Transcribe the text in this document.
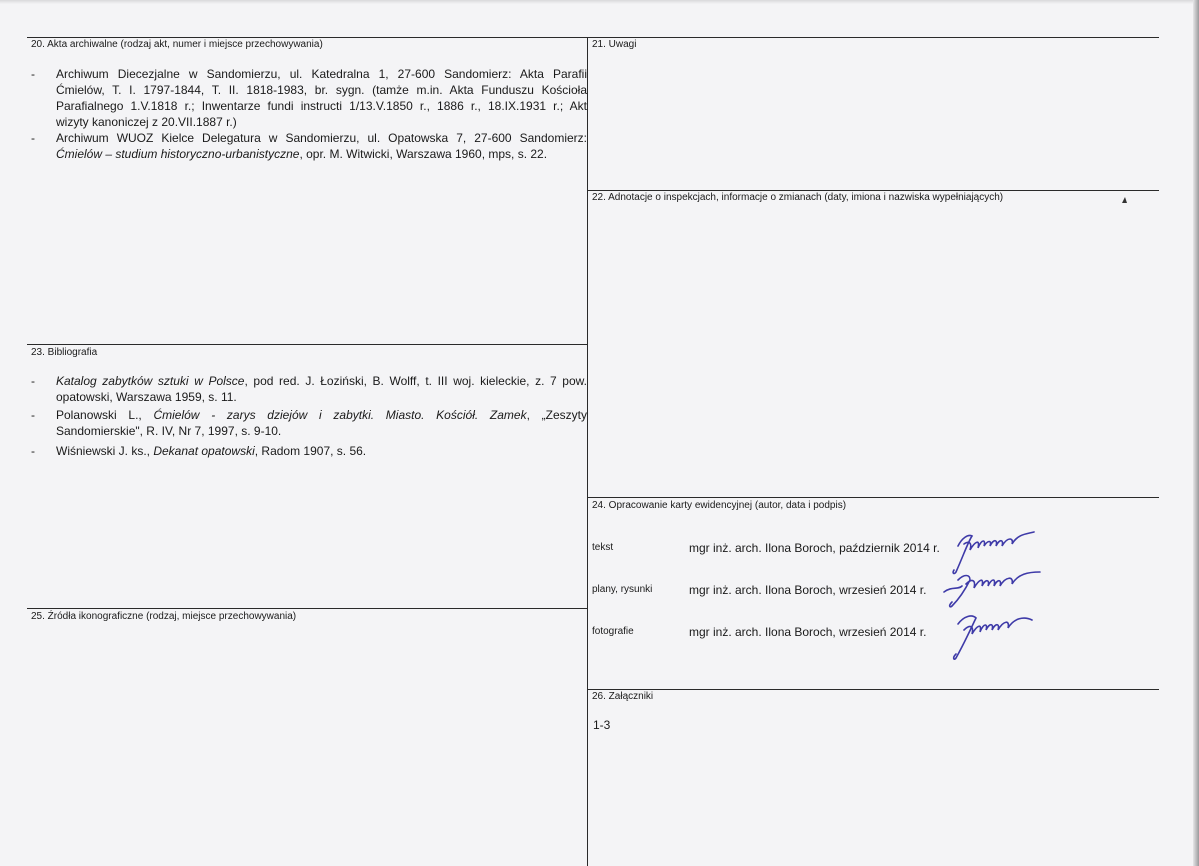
20. Akta archiwalne (rodzaj akt, numer i miejsce przechowywania)
- Archiwum Diecezjalne w Sandomierzu, ul. Katedralna 1, 27-600 Sandomierz: Akta Parafii
Ćmielów, T. I. 1797-1844, T. II. 1818-1983, br. sygn. (tamże m.in. Akta Funduszu Kościoła
Parafialnego 1.V.1818 r.; Inwentarze fundi instructi 1/13.V.1850 r., 1886 r., 18.IX.1931 r.; Akt
wizyty kanoniczej z 20.VII.1887 r.)
- Archiwum WUOZ Kielce Delegatura w Sandomierzu, ul. Opatowska 7, 27-600 Sandomierz:
Ćmielów – studium historyczno-urbanistyczne, opr. M. Witwicki, Warszawa 1960, mps, s. 22.
21. Uwagi
22. Adnotacje o inspekcjach, informacje o zmianach (daty, imiona i nazwiska wypełniających)
23. Bibliografia
- Katalog zabytków sztuki w Polsce, pod red. J. Łoziński, B. Wolff, t. III woj. kieleckie, z. 7 pow.
opatowski, Warszawa 1959, s. 11.
- Polanowski L., Ćmielów - zarys dziejów i zabytki. Miasto. Kościół. Zamek, „Zeszyty
Sandomierskie", R. IV, Nr 7, 1997, s. 9-10.
- Wiśniewski J. ks., Dekanat opatowski, Radom 1907, s. 56.
24. Opracowanie karty ewidencyjnej (autor, data i podpis)
tekst	mgr inż. arch. Ilona Boroch, październik 2014 r.
plany, rysunki	mgr inż. arch. Ilona Boroch, wrzesień 2014 r.
fotografie	mgr inż. arch. Ilona Boroch, wrzesień 2014 r.
25. Źródła ikonograficzne (rodzaj, miejsce przechowywania)
26. Załączniki
1-3
